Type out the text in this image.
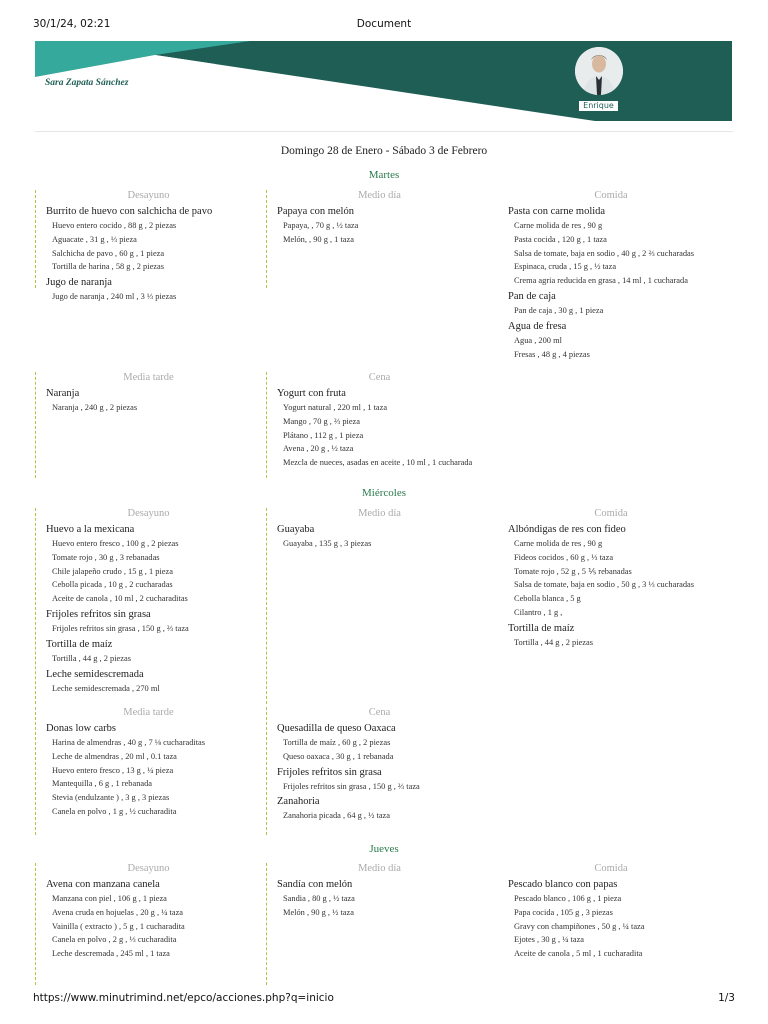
30/1/24, 02:21	Document
Sara Zapata Sánchez
Enrique
Domingo 28 de Enero - Sábado 3 de Febrero
Martes
Desayuno
Burrito de huevo con salchicha de pavo
Huevo entero cocido , 88 g , 2 piezas
Aguacate , 31 g , ⅓ pieza
Salchicha de pavo , 60 g , 1 pieza
Tortilla de harina , 58 g , 2 piezas
Jugo de naranja
Jugo de naranja , 240 ml , 3 ⅓ piezas
Medio día
Papaya con melón
Papaya, , 70 g , ½ taza
Melón, , 90 g , 1 taza
Comida
Pasta con carne molida
Carne molida de res , 90 g
Pasta cocida , 120 g , 1 taza
Salsa de tomate, baja en sodio , 40 g , 2 ⅔ cucharadas
Espinaca, cruda , 15 g , ½ taza
Crema agria reducida en grasa , 14 ml , 1 cucharada
Pan de caja
Pan de caja , 30 g , 1 pieza
Agua de fresa
Agua , 200 ml
Fresas , 48 g , 4 piezas
Media tarde
Naranja
Naranja , 240 g , 2 piezas
Cena
Yogurt con fruta
Yogurt natural , 220 ml , 1 taza
Mango , 70 g , ⅔ pieza
Plátano , 112 g , 1 pieza
Avena , 20 g , ½ taza
Mezcla de nueces, asadas en aceite , 10 ml , 1 cucharada
Miércoles
Desayuno
Huevo a la mexicana
Huevo entero fresco , 100 g , 2 piezas
Tomate rojo , 30 g , 3 rebanadas
Chile jalapeño crudo , 15 g , 1 pieza
Cebolla picada , 10 g , 2 cucharadas
Aceite de canola , 10 ml , 2 cucharaditas
Frijoles refritos sin grasa
Frijoles refritos sin grasa , 150 g , ⅔ taza
Tortilla de maíz
Tortilla , 44 g , 2 piezas
Leche semidescremada
Leche semidescremada , 270 ml
Medio día
Guayaba
Guayaba , 135 g , 3 piezas
Comida
Albóndigas de res con fideo
Carne molida de res , 90 g
Fideos cocidos , 60 g , ⅓ taza
Tomate rojo , 52 g , 5 ⅕ rebanadas
Salsa de tomate, baja en sodio , 50 g , 3 ⅓ cucharadas
Cebolla blanca , 5 g
Cilantro , 1 g ,
Tortilla de maíz
Tortilla , 44 g , 2 piezas
Media tarde
Donas low carbs
Harina de almendras , 40 g , 7 ⅛ cucharaditas
Leche de almendras , 20 ml , 0.1 taza
Huevo entero fresco , 13 g , ¼ pieza
Mantequilla , 6 g , 1 rebanada
Stevia (endulzante ) , 3 g , 3 piezas
Canela en polvo , 1 g , ½ cucharadita
Cena
Quesadilla de queso Oaxaca
Tortilla de maíz , 60 g , 2 piezas
Queso oaxaca , 30 g , 1 rebanada
Frijoles refritos sin grasa
Frijoles refritos sin grasa , 150 g , ⅔ taza
Zanahoria
Zanahoria picada , 64 g , ½ taza
Jueves
Desayuno
Avena con manzana canela
Manzana con piel , 106 g , 1 pieza
Avena cruda en hojuelas , 20 g , ¼ taza
Vainilla ( extracto ) , 5 g , 1 cucharadita
Canela en polvo , 2 g , ⅓ cucharadita
Leche descremada , 245 ml , 1 taza
Medio día
Sandía con melón
Sandia , 80 g , ½ taza
Melón , 90 g , ½ taza
Comida
Pescado blanco con papas
Pescado blanco , 106 g , 1 pieza
Papa cocida , 105 g , 3 piezas
Gravy con champiñones , 50 g , ¼ taza
Ejotes , 30 g , ¼ taza
Aceite de canola , 5 ml , 1 cucharadita
https://www.minutrimind.net/epco/acciones.php?q=inicio	1/3
